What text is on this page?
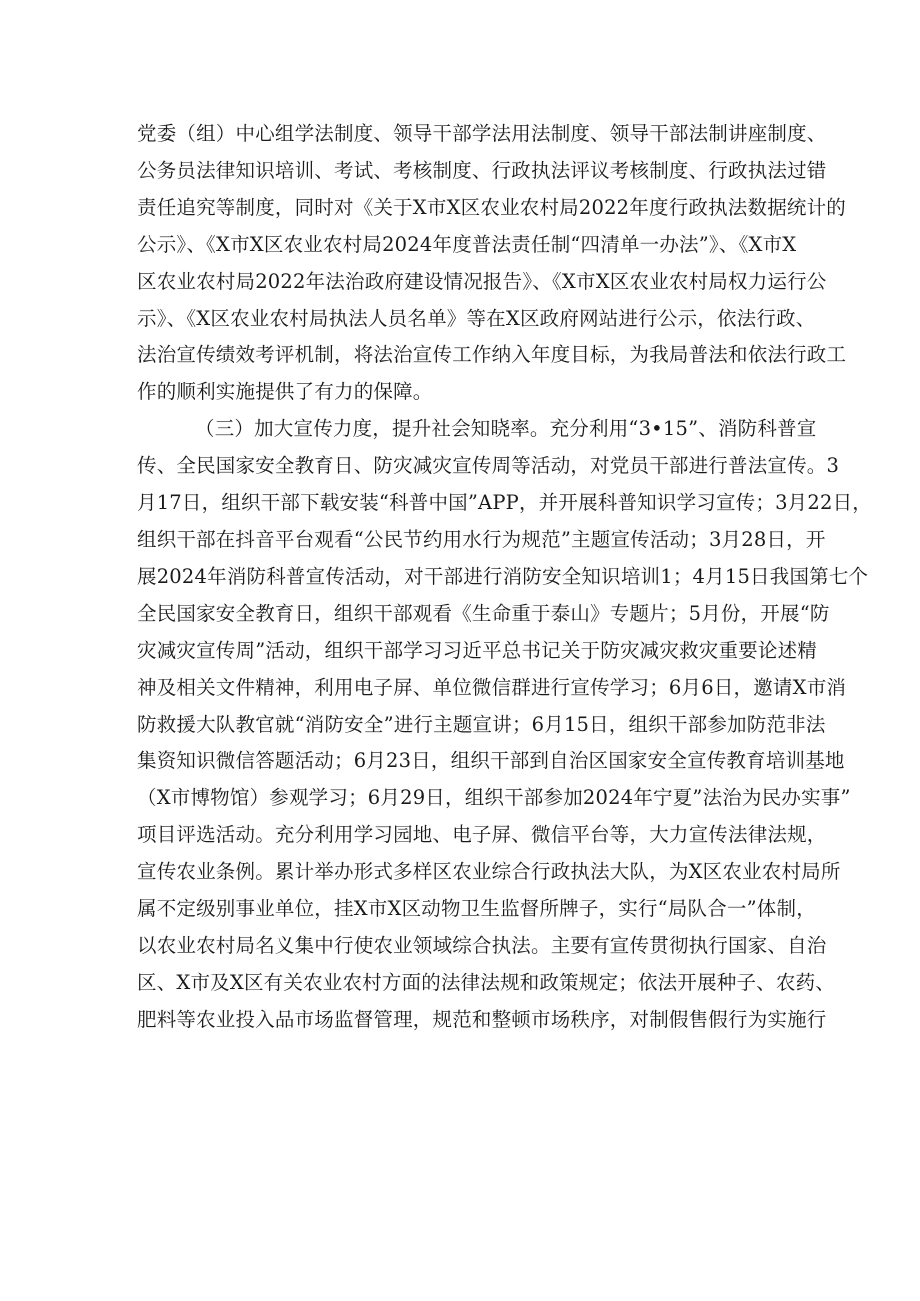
党委（组）中心组学法制度、领导干部学法用法制度、领导干部法制讲座制度、
公务员法律知识培训、考试、考核制度、行政执法评议考核制度、行政执法过错
责任追究等制度，同时对《关于X市X区农业农村局2022年度行政执法数据统计的
公示》、《X市X区农业农村局2024年度普法责任制“四清单一办法”》、《X市X
区农业农村局2022年法治政府建设情况报告》、《X市X区农业农村局权力运行公
示》、《X区农业农村局执法人员名单》等在X区政府网站进行公示，依法行政、
法治宣传绩效考评机制，将法治宣传工作纳入年度目标，为我局普法和依法行政工
作的顺利实施提供了有力的保障。
（三）加大宣传力度，提升社会知晓率。充分利用“3•15”、消防科普宣
传、全民国家安全教育日、防灾减灾宣传周等活动，对党员干部进行普法宣传。3
月17日，组织干部下载安装“科普中国”APP，并开展科普知识学习宣传；3月22日，
组织干部在抖音平台观看“公民节约用水行为规范”主题宣传活动；3月28日，开
展2024年消防科普宣传活动，对干部进行消防安全知识培训1；4月15日我国第七个
全民国家安全教育日，组织干部观看《生命重于泰山》专题片；5月份，开展“防
灾减灾宣传周”活动，组织干部学习习近平总书记关于防灾减灾救灾重要论述精
神及相关文件精神，利用电子屏、单位微信群进行宣传学习；6月6日，邀请X市消
防救援大队教官就“消防安全”进行主题宣讲；6月15日，组织干部参加防范非法
集资知识微信答题活动；6月23日，组织干部到自治区国家安全宣传教育培训基地
（X市博物馆）参观学习；6月29日，组织干部参加2024年宁夏”法治为民办实事”
项目评选活动。充分利用学习园地、电子屏、微信平台等，大力宣传法律法规，
宣传农业条例。累计举办形式多样区农业综合行政执法大队，为X区农业农村局所
属不定级别事业单位，挂X市X区动物卫生监督所牌子，实行“局队合一”体制，
以农业农村局名义集中行使农业领域综合执法。主要有宣传贯彻执行国家、自治
区、X市及X区有关农业农村方面的法律法规和政策规定；依法开展种子、农药、
肥料等农业投入品市场监督管理，规范和整顿市场秩序，对制假售假行为实施行
